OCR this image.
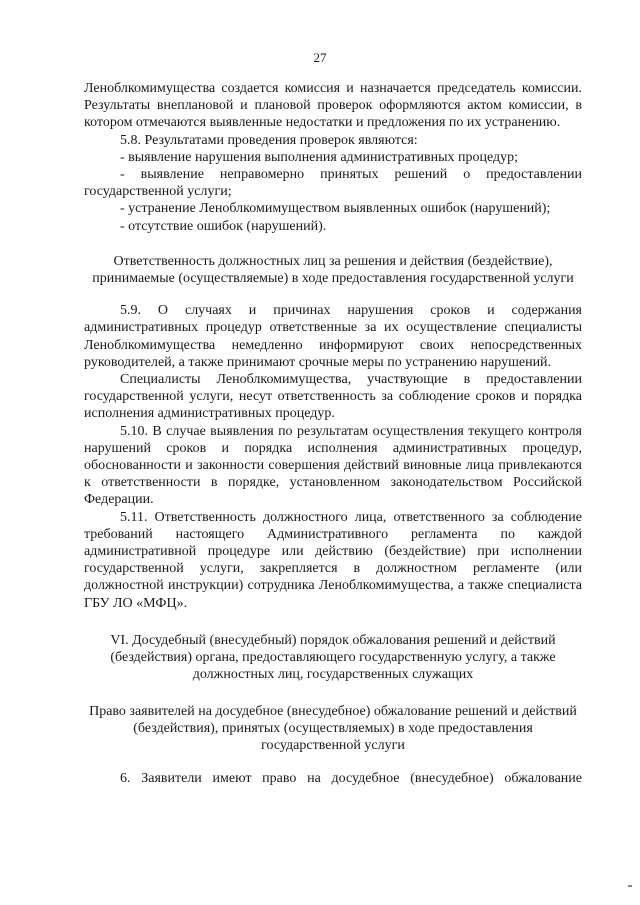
27

Леноблкомимущества создается комиссия и назначается председатель комиссии. Результаты внеплановой и плановой проверок оформляются актом комиссии, в котором отмечаются выявленные недостатки и предложения по их устранению.

5.8. Результатами проведения проверок являются:

- выявление нарушения выполнения административных процедур;

- выявление неправомерно принятых решений о предоставлении государственной услуги;

- устранение Леноблкомимуществом выявленных ошибок (нарушений);

- отсутствие ошибок (нарушений).

Ответственность должностных лиц за решения и действия (бездействие), принимаемые (осуществляемые) в ходе предоставления государственной услуги

5.9. О случаях и причинах нарушения сроков и содержания административных процедур ответственные за их осуществление специалисты Леноблкомимущества немедленно информируют своих непосредственных руководителей, а также принимают срочные меры по устранению нарушений.

Специалисты Леноблкомимущества, участвующие в предоставлении государственной услуги, несут ответственность за соблюдение сроков и порядка исполнения административных процедур.

5.10. В случае выявления по результатам осуществления текущего контроля нарушений сроков и порядка исполнения административных процедур, обоснованности и законности совершения действий виновные лица привлекаются к ответственности в порядке, установленном законодательством Российской Федерации.

5.11. Ответственность должностного лица, ответственного за соблюдение требований настоящего Административного регламента по каждой административной процедуре или действию (бездействие) при исполнении государственной услуги, закрепляется в должностном регламенте (или должностной инструкции) сотрудника Леноблкомимущества, а также специалиста ГБУ ЛО «МФЦ».

VI. Досудебный (внесудебный) порядок обжалования решений и действий (бездействия) органа, предоставляющего государственную услугу, а также должностных лиц, государственных служащих

Право заявителей на досудебное (внесудебное) обжалование решений и действий (бездействия), принятых (осуществляемых) в ходе предоставления государственной услуги

6. Заявители имеют право на досудебное (внесудебное) обжалование
